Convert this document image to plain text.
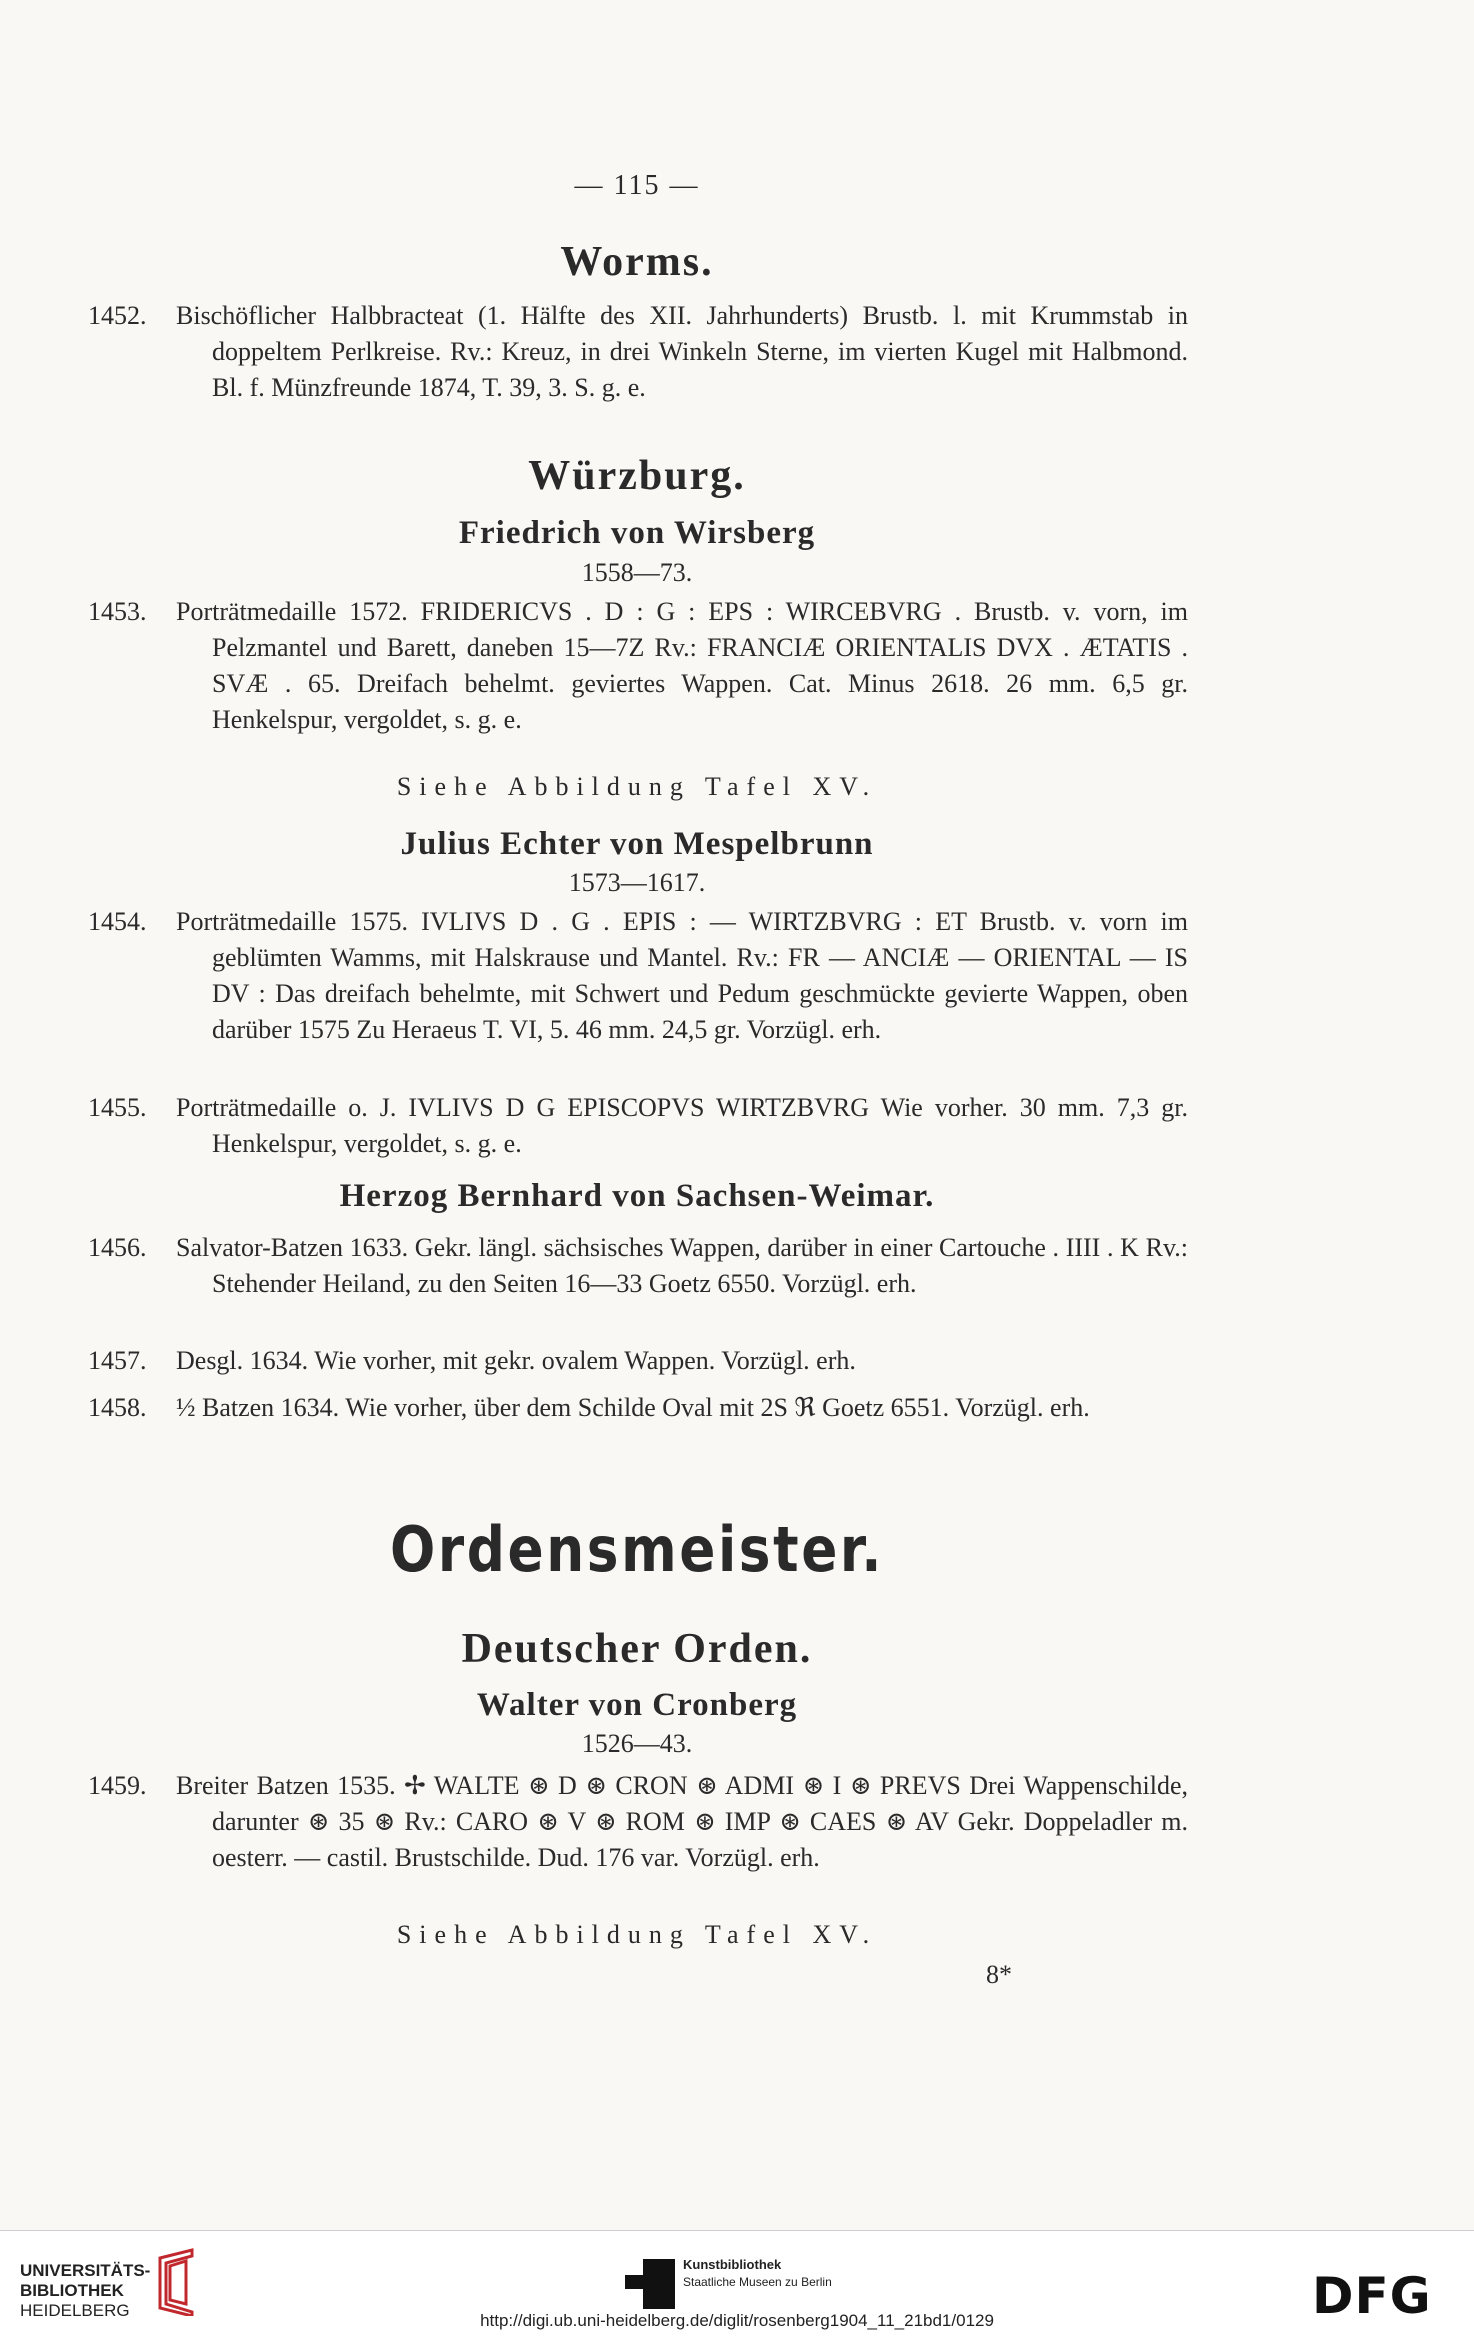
— 115 —
Worms.
1452. Bischöflicher Halbbracteat (1. Hälfte des XII. Jahrhunderts) Brustb. l. mit Krummstab in doppeltem Perlkreise. Rv.: Kreuz, in drei Winkeln Sterne, im vierten Kugel mit Halbmond. Bl. f. Münzfreunde 1874, T. 39, 3. S. g. e.
Würzburg.
Friedrich von Wirsberg
1558—73.
1453. Porträtmedaille 1572. FRIDERICVS . D : G : EPS : WIRCEBVRG . Brustb. v. vorn, im Pelzmantel und Barett, daneben 15—7Z Rv.: FRANCIÆ ORIENTALIS DVX . ÆTATIS . SVÆ . 65. Dreifach behelmt. geviertes Wappen. Cat. Minus 2618. 26 mm. 6,5 gr. Henkelspur, vergoldet, s. g. e.
Siehe Abbildung Tafel XV.
Julius Echter von Mespelbrunn
1573—1617.
1454. Porträtmedaille 1575. IVLIVS D . G . EPIS : — WIRTZBVRG : ET Brustb. v. vorn im geblümten Wamms, mit Halskrause und Mantel. Rv.: FR — ANCIÆ — ORIENTAL — IS DV : Das dreifach behelmte, mit Schwert und Pedum geschmückte gevierte Wappen, oben darüber 1575 Zu Heraeus T. VI, 5. 46 mm. 24,5 gr. Vorzügl. erh.
1455. Porträtmedaille o. J. IVLIVS D G EPISCOPVS WIRTZBVRG Wie vorher. 30 mm. 7,3 gr. Henkelspur, vergoldet, s. g. e.
Herzog Bernhard von Sachsen-Weimar.
1456. Salvator-Batzen 1633. Gekr. längl. sächsisches Wappen, darüber in einer Cartouche . IIII . K Rv.: Stehender Heiland, zu den Seiten 16—33 Goetz 6550. Vorzügl. erh.
1457. Desgl. 1634. Wie vorher, mit gekr. ovalem Wappen. Vorzügl. erh.
1458. ½ Batzen 1634. Wie vorher, über dem Schilde Oval mit 2S ℜ Goetz 6551. Vorzügl. erh.
Ordensmeister.
Deutscher Orden.
Walter von Cronberg
1526—43.
1459. Breiter Batzen 1535. ✢ WALTE ⊛ D ⊛ CRON ⊛ ADMI ⊛ I ⊛ PREVS Drei Wappenschilde, darunter ⊛ 35 ⊛ Rv.: CARO ⊛ V ⊛ ROM ⊛ IMP ⊛ CAES ⊛ AV Gekr. Doppeladler m. oesterr. — castil. Brustschilde. Dud. 176 var. Vorzügl. erh.
Siehe Abbildung Tafel XV.
8*
UNIVERSITÄTS-
BIBLIOTHEK
HEIDELBERG
Kunstbibliothek
Staatliche Museen zu Berlin	DFG
http://digi.ub.uni-heidelberg.de/diglit/rosenberg1904_11_21bd1/0129
